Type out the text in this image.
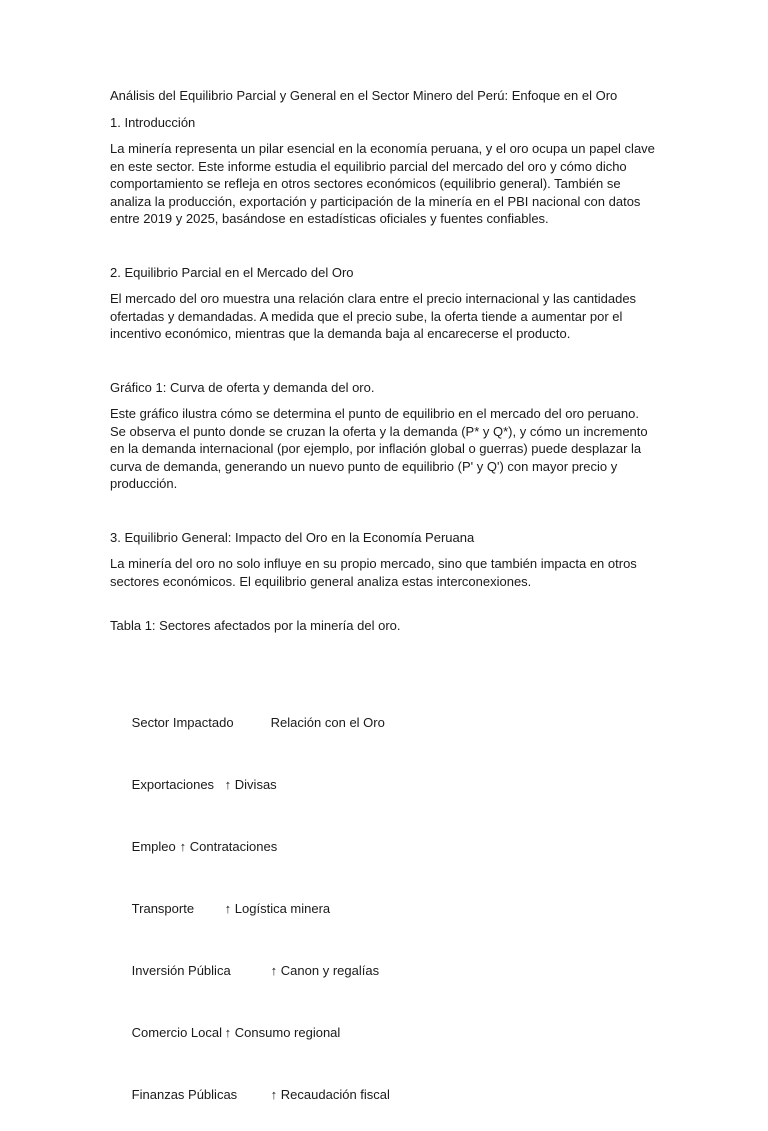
Análisis del Equilibrio Parcial y General en el Sector Minero del Perú: Enfoque en el Oro

1. Introducción

La minería representa un pilar esencial en la economía peruana, y el oro ocupa un papel clave en este sector. Este informe estudia el equilibrio parcial del mercado del oro y cómo dicho comportamiento se refleja en otros sectores económicos (equilibrio general). También se analiza la producción, exportación y participación de la minería en el PBI nacional con datos entre 2019 y 2025, basándose en estadísticas oficiales y fuentes confiables.

2. Equilibrio Parcial en el Mercado del Oro

El mercado del oro muestra una relación clara entre el precio internacional y las cantidades ofertadas y demandadas. A medida que el precio sube, la oferta tiende a aumentar por el incentivo económico, mientras que la demanda baja al encarecerse el producto.

Gráfico 1: Curva de oferta y demanda del oro.

Este gráfico ilustra cómo se determina el punto de equilibrio en el mercado del oro peruano. Se observa el punto donde se cruzan la oferta y la demanda (P* y Q*), y cómo un incremento en la demanda internacional (por ejemplo, por inflación global o guerras) puede desplazar la curva de demanda, generando un nuevo punto de equilibrio (P' y Q') con mayor precio y producción.

3. Equilibrio General: Impacto del Oro en la Economía Peruana

La minería del oro no solo influye en su propio mercado, sino que también impacta en otros sectores económicos. El equilibrio general analiza estas interconexiones.

Tabla 1: Sectores afectados por la minería del oro.

Sector Impactado	Relación con el Oro

Exportaciones ↑ Divisas

Empleo ↑ Contrataciones

Transporte ↑ Logística minera

Inversión Pública	↑ Canon y regalías

Comercio Local ↑ Consumo regional

Finanzas Públicas	↑ Recaudación fiscal
